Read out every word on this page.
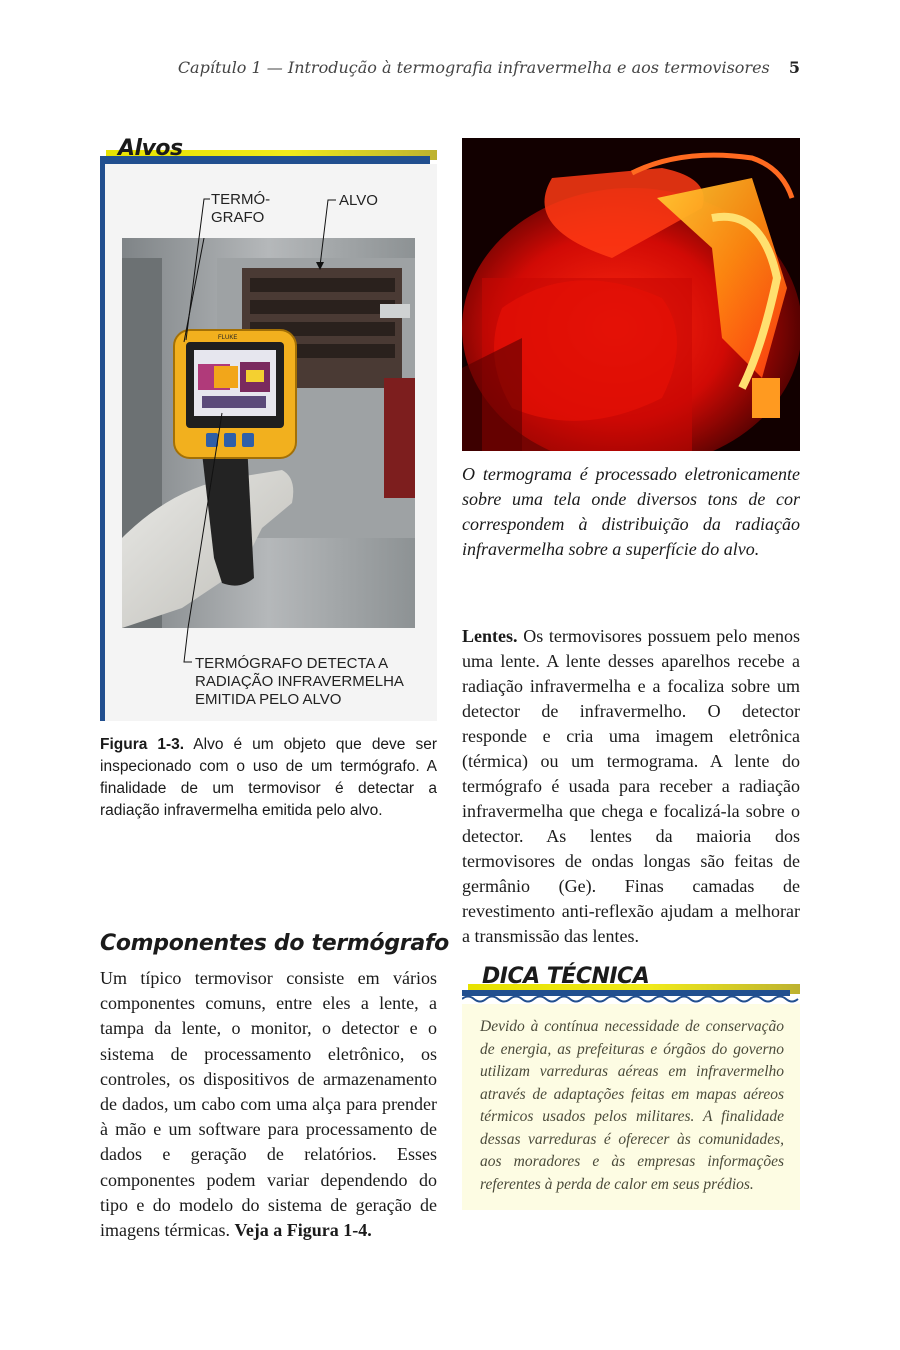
Capítulo 1 — Introdução à termografia infravermelha e aos termovisores 5
Alvos
TERMÓ-
GRAFO
ALVO
FLUKE
TERMÓGRAFO DETECTA A
RADIAÇÃO INFRAVERMELHA
EMITIDA PELO ALVO
Figura 1-3. Alvo é um objeto que deve ser inspecionado com o uso de um termógrafo. A finalidade de um termovisor é detectar a radiação infravermelha emitida pelo alvo.
O termograma é processado eletronicamente sobre uma tela onde diversos tons de cor correspondem à distribuição da radiação infravermelha sobre a superfície do alvo.
Lentes. Os termovisores possuem pelo menos uma lente. A lente desses aparelhos recebe a radiação infravermelha e a focaliza sobre um detector de infravermelho. O detector responde e cria uma imagem eletrônica (térmica) ou um termograma. A lente do termógrafo é usada para receber a radiação infravermelha que chega e focalizá-la sobre o detector. As lentes da maioria dos termovisores de ondas longas são feitas de germânio (Ge). Finas camadas de revestimento anti-reflexão ajudam a melhorar a transmissão das lentes.
Componentes do termógrafo
Um típico termovisor consiste em vários componentes comuns, entre eles a lente, a tampa da lente, o monitor, o detector e o sistema de processamento eletrônico, os controles, os dispositivos de armazenamento de dados, um cabo com uma alça para prender à mão e um software para processamento de dados e geração de relatórios. Esses componentes podem variar dependendo do tipo e do modelo do sistema de geração de imagens térmicas. Veja a Figura 1-4.
DICA TÉCNICA
Devido à contínua necessidade de conservação de energia, as prefeituras e órgãos do governo utilizam varreduras aéreas em infravermelho através de adaptações feitas em mapas aéreos térmicos usados pelos militares. A finalidade dessas varreduras é oferecer às comunidades, aos moradores e às empresas informações referentes à perda de calor em seus prédios.
